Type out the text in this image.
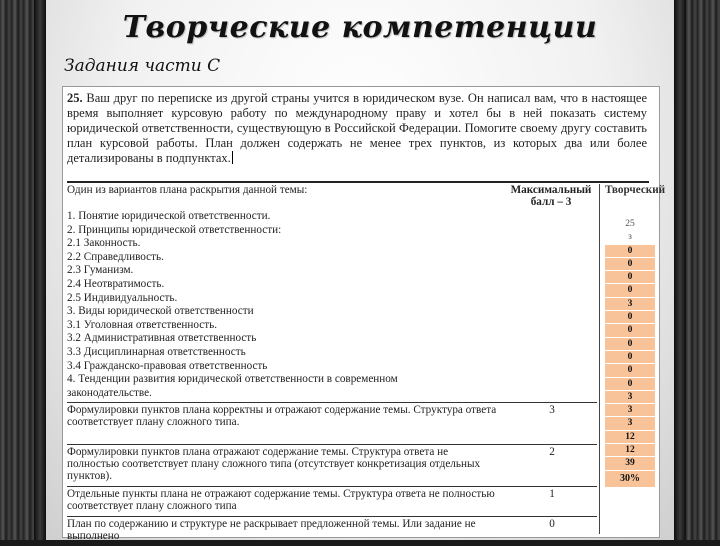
Творческие компетенции
Задания части С
25. Ваш друг по переписке из другой страны учится в юридическом вузе. Он написал вам, что в настоящее время выполняет курсовую работу по международному праву и хотел бы в ней показать систему юридической ответственности, существующую в Российской Федерации. Помогите своему другу составить план курсовой работы. План должен содержать не менее трех пунктов, из которых два или более детализированы в подпунктах.
Один из вариантов плана раскрытия данной темы:	Максимальный балл – 3
Творческий
1. Понятие юридической ответственности.
2. Принципы юридической ответственности:
2.1 Законность.
2.2 Справедливость.
2.3 Гуманизм.
2.4 Неотвратимость.
2.5 Индивидуальность.
3. Виды юридической ответственности
3.1 Уголовная ответственность.
3.2 Административная ответственность
3.3 Дисциплинарная ответственность
3.4 Гражданско-правовая ответственность
4. Тенденции развития юридической ответственности в современном
законодательстве.
Формулировки пунктов плана корректны и отражают содержание темы. Структура ответа соответствует плану сложного типа.
3
Формулировки пунктов плана отражают содержание темы. Структура ответа не полностью соответствует плану сложного типа (отсутствует конкретизация отдельных пунктов).
2
Отдельные пункты плана не отражают содержание темы. Структура ответа не полностью соответствует плану сложного типа
1
План по содержанию и структуре не раскрывает предложенной темы. Или задание не выполнено
0
25
з
0
0
0
0
3
0
0
0
0
0
0
3
3
3
12
12
39
30%
